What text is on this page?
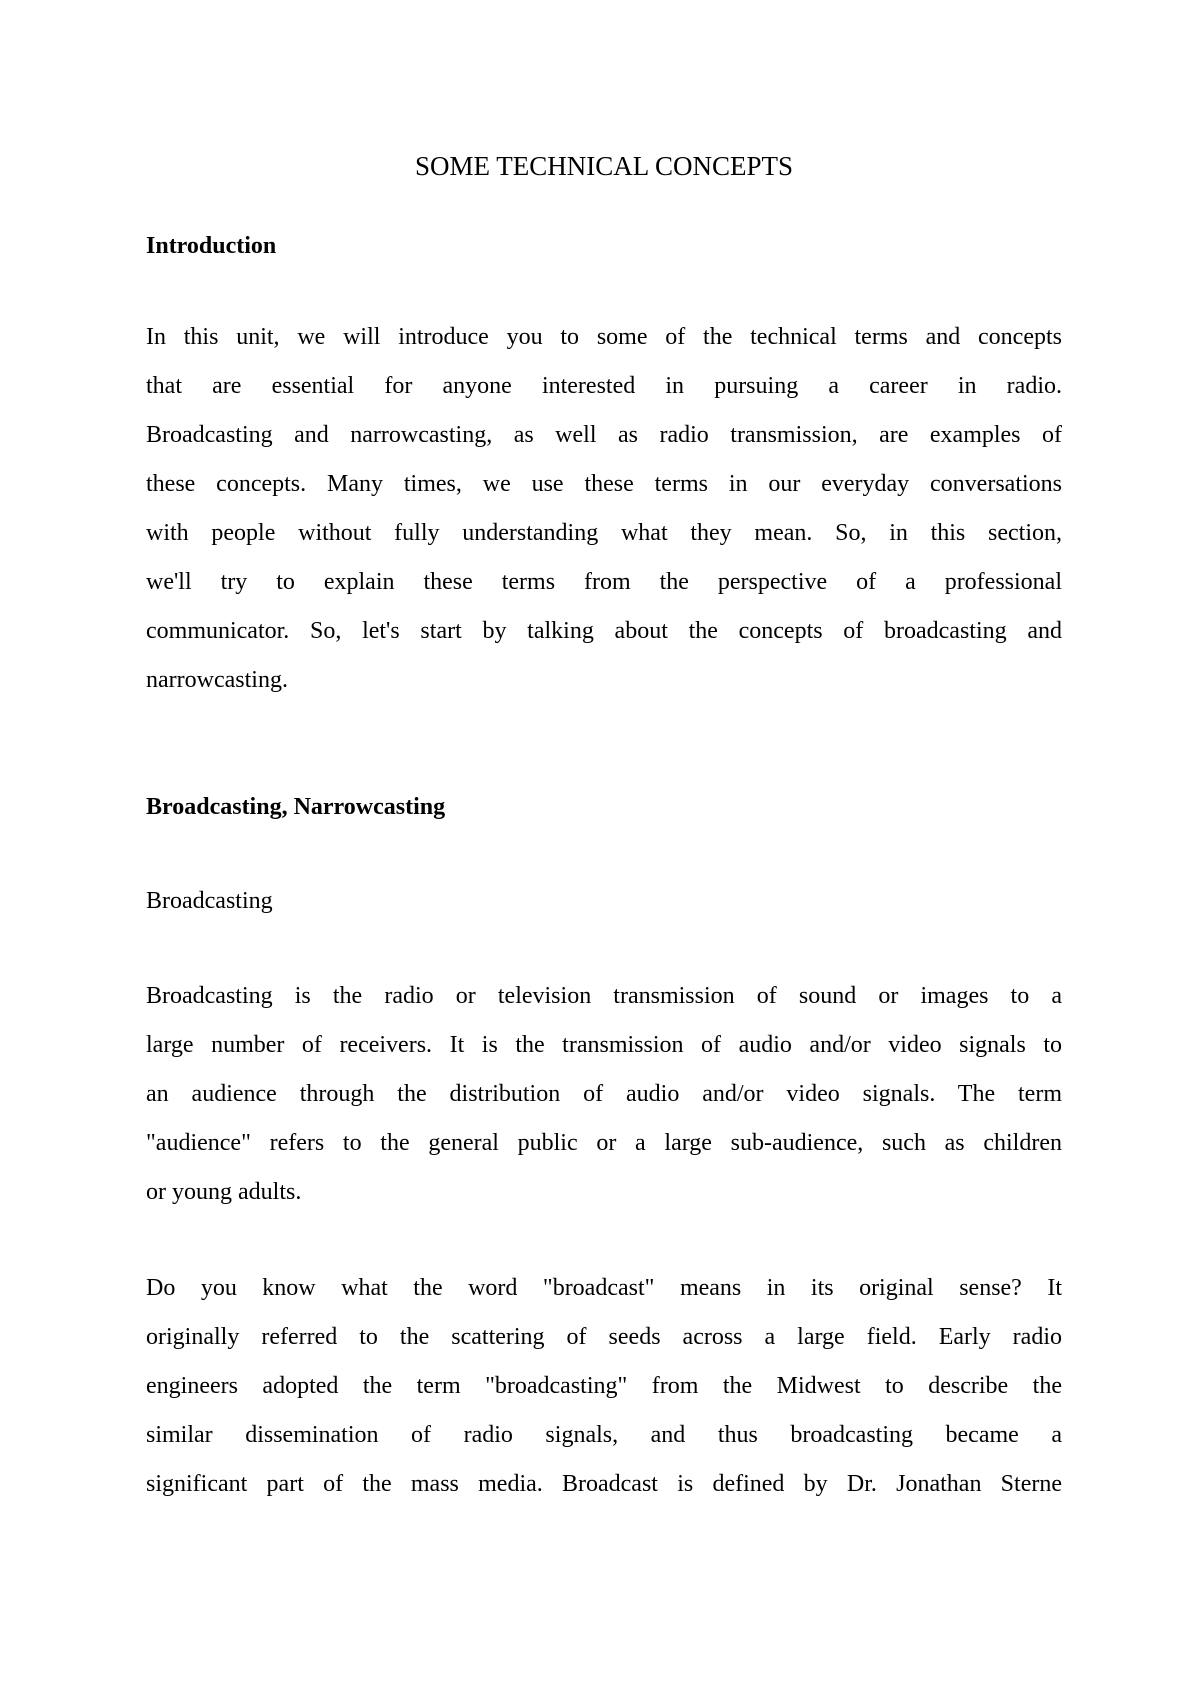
SOME TECHNICAL CONCEPTS
Introduction
In this unit, we will introduce you to some of the technical terms and concepts
that are essential for anyone interested in pursuing a career in radio.
Broadcasting and narrowcasting, as well as radio transmission, are examples of
these concepts. Many times, we use these terms in our everyday conversations
with people without fully understanding what they mean. So, in this section,
we'll try to explain these terms from the perspective of a professional
communicator. So, let's start by talking about the concepts of broadcasting and
narrowcasting.
Broadcasting, Narrowcasting
Broadcasting
Broadcasting is the radio or television transmission of sound or images to a
large number of receivers. It is the transmission of audio and/or video signals to
an audience through the distribution of audio and/or video signals. The term
"audience" refers to the general public or a large sub-audience, such as children
or young adults.
Do you know what the word "broadcast" means in its original sense? It
originally referred to the scattering of seeds across a large field. Early radio
engineers adopted the term "broadcasting" from the Midwest to describe the
similar dissemination of radio signals, and thus broadcasting became a
significant part of the mass media. Broadcast is defined by Dr. Jonathan Sterne
